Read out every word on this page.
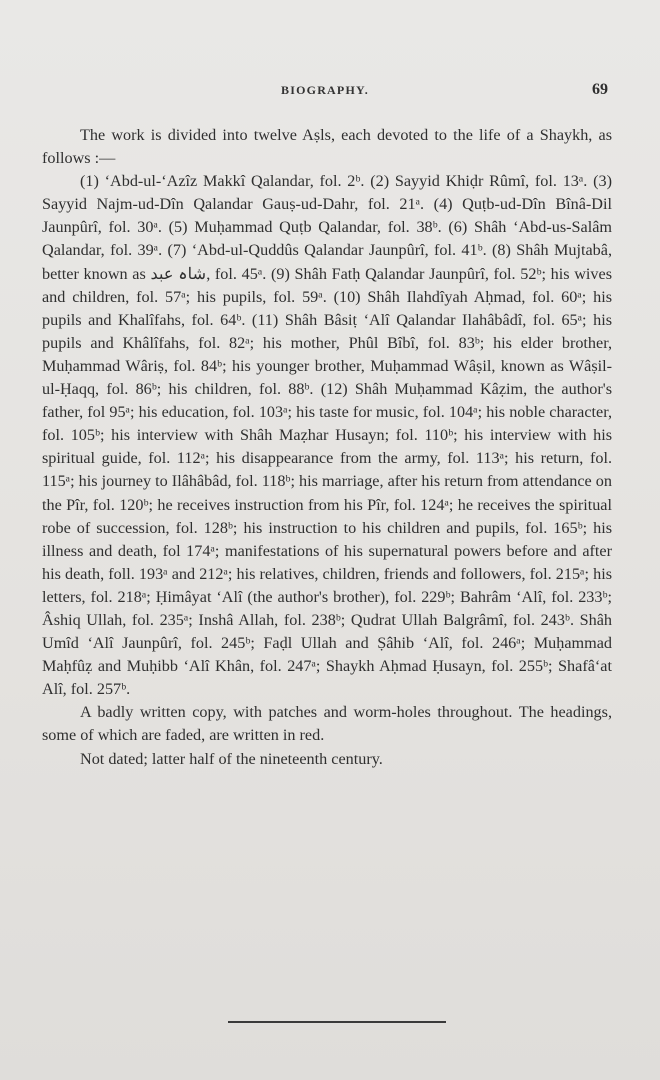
BIOGRAPHY.	69

The work is divided into twelve Aṣls, each devoted to the life of a Shaykh, as follows :—

(1) ʻAbd-ul-ʻAzîz Makkî Qalandar, fol. 2ᵇ. (2) Sayyid Khiḍr Rûmî, fol. 13ᵃ. (3) Sayyid Najm-ud-Dîn Qalandar Gauṣ-ud-Dahr, fol. 21ᵃ. (4) Quṭb-ud-Dîn Bînâ-Dil Jaunpûrî, fol. 30ᵃ. (5) Muḥammad Quṭb Qalandar, fol. 38ᵇ. (6) Shâh ʻAbd-us-Salâm Qalandar, fol. 39ᵃ. (7) ʻAbd-ul-Quddûs Qalandar Jaunpûrî, fol. 41ᵇ. (8) Shâh Mujtabâ, better known as شاہ عبد, fol. 45ᵃ. (9) Shâh Fatḥ Qalandar Jaunpûrî, fol. 52ᵇ; his wives and children, fol. 57ᵃ; his pupils, fol. 59ᵃ. (10) Shâh Ilahdîyah Aḥmad, fol. 60ᵃ; his pupils and Khalîfahs, fol. 64ᵇ. (11) Shâh Bâsiṭ ʻAlî Qalandar Ilahâbâdî, fol. 65ᵃ; his pupils and Khâlîfahs, fol. 82ᵃ; his mother, Phûl Bîbî, fol. 83ᵇ; his elder brother, Muḥammad Wâriṣ, fol. 84ᵇ; his younger brother, Muḥammad Wâṣil, known as Wâṣil-ul-Ḥaqq, fol. 86ᵇ; his children, fol. 88ᵇ. (12) Shâh Muḥammad Kâẓim, the author's father, fol 95ᵃ; his education, fol. 103ᵃ; his taste for music, fol. 104ᵃ; his noble character, fol. 105ᵇ; his interview with Shâh Maẓhar Husayn; fol. 110ᵇ; his interview with his spiritual guide, fol. 112ᵃ; his disappearance from the army, fol. 113ᵃ; his return, fol. 115ᵃ; his journey to Ilâhâbâd, fol. 118ᵇ; his marriage, after his return from attendance on the Pîr, fol. 120ᵇ; he receives instruction from his Pîr, fol. 124ᵃ; he receives the spiritual robe of succession, fol. 128ᵇ; his instruction to his children and pupils, fol. 165ᵇ; his illness and death, fol 174ᵃ; manifestations of his supernatural powers before and after his death, foll. 193ᵃ and 212ᵃ; his relatives, children, friends and followers, fol. 215ᵃ; his letters, fol. 218ᵃ; Ḥimâyat ʻAlî (the author's brother), fol. 229ᵇ; Bahrâm ʻAlî, fol. 233ᵇ; Âshiq Ullah, fol. 235ᵃ; Inshâ Allah, fol. 238ᵇ; Qudrat Ullah Balgrâmî, fol. 243ᵇ. Shâh Umîd ʻAlî Jaunpûrî, fol. 245ᵇ; Faḍl Ullah and Ṣâhib ʻAlî, fol. 246ᵃ; Muḥammad Maḥfûẓ and Muḥibb ʻAlî Khân, fol. 247ᵃ; Shaykh Aḥmad Ḥusayn, fol. 255ᵇ; Shafâʻat Alî, fol. 257ᵇ.

A badly written copy, with patches and worm-holes throughout. The headings, some of which are faded, are written in red.

Not dated; latter half of the nineteenth century.
